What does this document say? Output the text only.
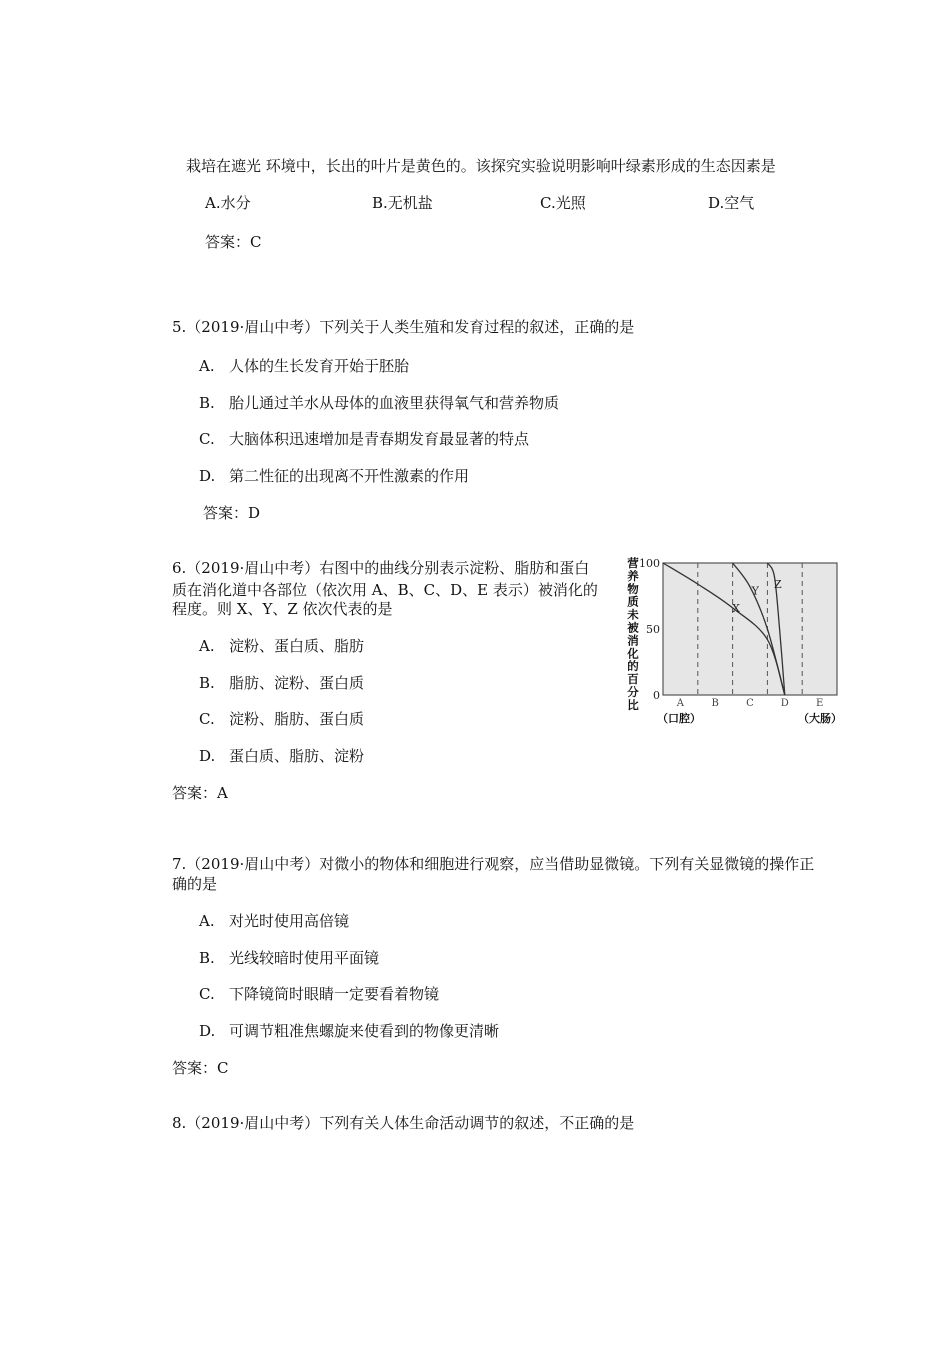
栽培在遮光 环境中，长出的叶片是黄色的。该探究实验说明影响叶绿素形成的生态因素是
A.水分	B.无机盐	C.光照	D.空气
答案：C
5.（2019·眉山中考）下列关于人类生殖和发育过程的叙述，正确的是
A. 人体的生长发育开始于胚胎
B. 胎儿通过羊水从母体的血液里获得氧气和营养物质
C. 大脑体积迅速增加是青春期发育最显著的特点
D. 第二性征的出现离不开性激素的作用
答案：D
6.（2019·眉山中考）右图中的曲线分别表示淀粉、脂肪和蛋白
质在消化道中各部位（依次用 A、B、C、D、E 表示）被消化的
程度。则 X、Y、Z 依次代表的是
A. 淀粉、蛋白质、脂肪
B. 脂肪、淀粉、蛋白质
C. 淀粉、脂肪、蛋白质
D. 蛋白质、脂肪、淀粉
答案：A
营
养
物
质
未
被
消
化
的
百
分
比
100
50
0
A	B	C	D	E
（口腔）	（大肠）
X
Y
Z
7.（2019·眉山中考）对微小的物体和细胞进行观察，应当借助显微镜。下列有关显微镜的操作正
确的是
A. 对光时使用高倍镜
B. 光线较暗时使用平面镜
C. 下降镜筒时眼睛一定要看着物镜
D. 可调节粗准焦螺旋来使看到的物像更清晰
答案：C
8.（2019·眉山中考）下列有关人体生命活动调节的叙述，不正确的是
